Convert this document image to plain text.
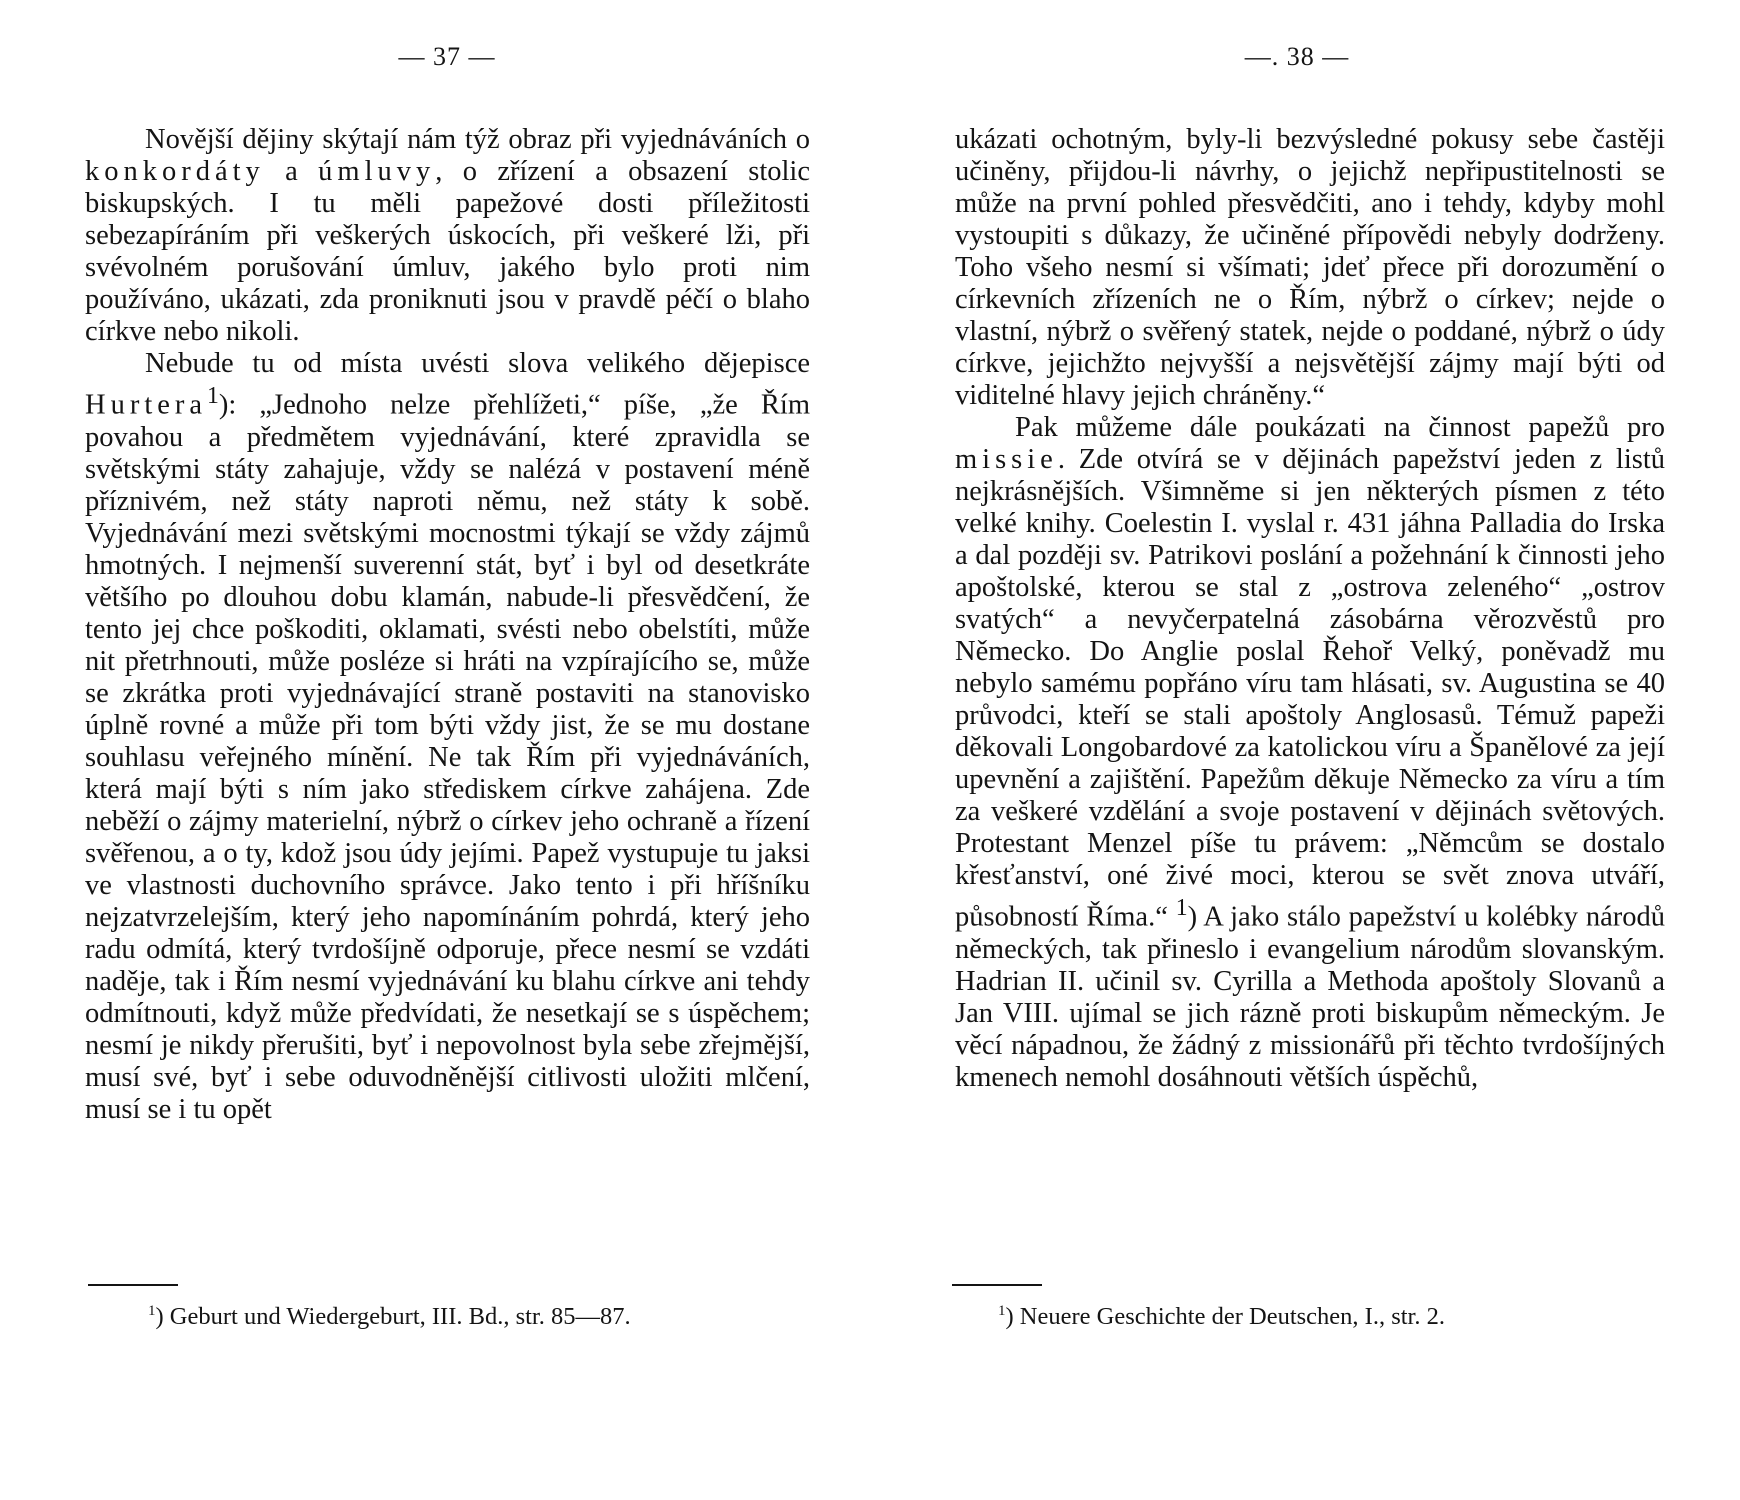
— 37 —

Novější dějiny skýtají nám týž obraz při vyjednáváních o konkordáty a úmluvy, o zřízení a obsazení stolic biskupských. I tu měli papežové dosti příležitosti sebezapíráním při veškerých úskocích, při veškeré lži, při svévolném porušování úmluv, jakého bylo proti nim používáno, ukázati, zda proniknuti jsou v pravdě péčí o blaho církve nebo nikoli.

Nebude tu od místa uvésti slova velikého dějepisce Hurtera$^1$): „Jednoho nelze přehlížeti,“ píše, „že Řím povahou a předmětem vyjednávání, které zpravidla se světskými státy zahajuje, vždy se nalézá v postavení méně příznivém, než státy naproti němu, než státy k sobě. Vyjednávání mezi světskými mocnostmi týkají se vždy zájmů hmotných. I nejmenší suverenní stát, byť i byl od desetkráte většího po dlouhou dobu klamán, nabude-li přesvědčení, že tento jej chce poškoditi, oklamati, svésti nebo obelstíti, může nit přetrhnouti, může posléze si hráti na vzpírajícího se, může se zkrátka proti vyjednávající straně postaviti na stanovisko úplně rovné a může při tom býti vždy jist, že se mu dostane souhlasu veřejného mínění. Ne tak Řím při vyjednáváních, která mají býti s ním jako střediskem církve zahájena. Zde neběží o zájmy materielní, nýbrž o církev jeho ochraně a řízení svěřenou, a o ty, kdož jsou údy jejími. Papež vystupuje tu jaksi ve vlastnosti duchovního správce. Jako tento i při hříšníku nejzatvrzelejším, který jeho napomínáním pohrdá, který jeho radu odmítá, který tvrdošíjně odporuje, přece nesmí se vzdáti naděje, tak i Řím nesmí vyjednávání ku blahu církve ani tehdy odmítnouti, když může předvídati, že nesetkají se s úspěchem; nesmí je nikdy přerušiti, byť i nepovolnost byla sebe zřejmější, musí své, byť i sebe oduvodněnější citlivosti uložiti mlčení, musí se i tu opět

$^1$) Geburt und Wiedergeburt, III. Bd., str. 85—87.
—. 38 —

ukázati ochotným, byly-li bezvýsledné pokusy sebe častěji učiněny, přijdou-li návrhy, o jejichž nepřipustitelnosti se může na první pohled přesvědčiti, ano i tehdy, kdyby mohl vystoupiti s důkazy, že učiněné přípovědi nebyly dodrženy. Toho všeho nesmí si všímati; jdeť přece při dorozumění o církevních zřízeních ne o Řím, nýbrž o církev; nejde o vlastní, nýbrž o svěřený statek, nejde o poddané, nýbrž o údy církve, jejichžto nejvyšší a nejsvětější zájmy mají býti od viditelné hlavy jejich chráněny.“

Pak můžeme dále poukázati na činnost papežů pro missie. Zde otvírá se v dějinách papežství jeden z listů nejkrásnějších. Všimněme si jen některých písmen z této velké knihy. Coelestin I. vyslal r. 431 jáhna Palladia do Irska a dal později sv. Patrikovi poslání a požehnání k činnosti jeho apoštolské, kterou se stal z „ostrova zeleného“ „ostrov svatých“ a nevyčerpatelná zásobárna věrozvěstů pro Německo. Do Anglie poslal Řehoř Velký, poněvadž mu nebylo samému popřáno víru tam hlásati, sv. Augustina se 40 průvodci, kteří se stali apoštoly Anglosasů. Témuž papeži děkovali Longobardové za katolickou víru a Španělové za její upevnění a zajištění. Papežům děkuje Německo za víru a tím za veškeré vzdělání a svoje postavení v dějinách světových. Protestant Menzel píše tu právem: „Němcům se dostalo křesťanství, oné živé moci, kterou se svět znova utváří, působností Říma.“ $^1$) A jako stálo papežství u kolébky národů německých, tak přineslo i evangelium národům slovanským. Hadrian II. učinil sv. Cyrilla a Methoda apoštoly Slovanů a Jan VIII. ujímal se jich rázně proti biskupům německým. Je věcí nápadnou, že žádný z missionářů při těchto tvrdošíjných kmenech nemohl dosáhnouti větších úspěchů,

$^1$) Neuere Geschichte der Deutschen, I., str. 2.
